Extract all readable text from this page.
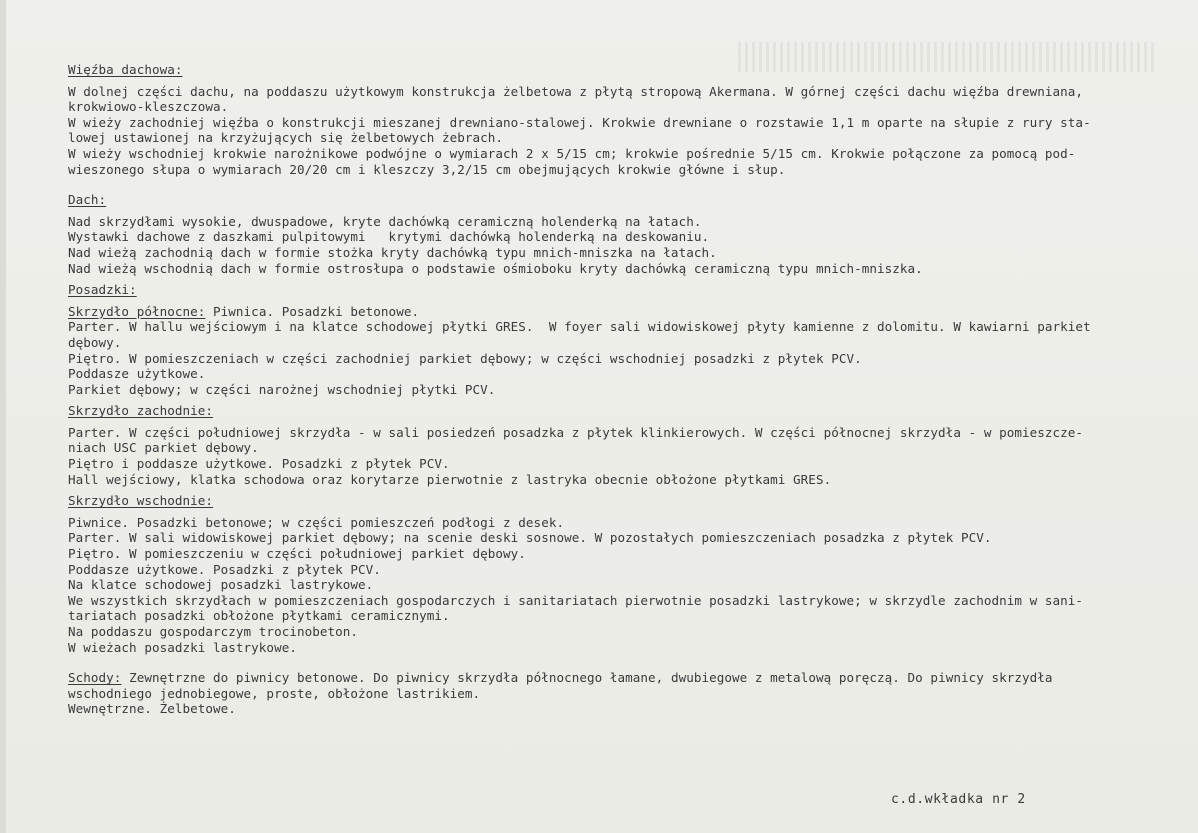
Więźba dachowa:
W dolnej części dachu, na poddaszu użytkowym konstrukcja żelbetowa z płytą stropową Akermana. W górnej części dachu więźba drewniana,
krokwiowo-kleszczowa.
W wieży zachodniej więźba o konstrukcji mieszanej drewniano-stalowej. Krokwie drewniane o rozstawie 1,1 m oparte na słupie z rury sta-
lowej ustawionej na krzyżujących się żelbetowych żebrach.
W wieży wschodniej krokwie narożnikowe podwójne o wymiarach 2 x 5/15 cm; krokwie pośrednie 5/15 cm. Krokwie połączone za pomocą pod-
wieszonego słupa o wymiarach 20/20 cm i kleszczy 3,2/15 cm obejmujących krokwie główne i słup.
Dach:
Nad skrzydłami wysokie, dwuspadowe, kryte dachówką ceramiczną holenderką na łatach.
Wystawki dachowe z daszkami pulpitowymi   krytymi dachówką holenderką na deskowaniu.
Nad wieżą zachodnią dach w formie stożka kryty dachówką typu mnich-mniszka na łatach.
Nad wieżą wschodnią dach w formie ostrosłupa o podstawie ośmioboku kryty dachówką ceramiczną typu mnich-mniszka.
Posadzki:
Skrzydło północne: Piwnica. Posadzki betonowe.
Parter. W hallu wejściowym i na klatce schodowej płytki GRES.  W foyer sali widowiskowej płyty kamienne z dolomitu. W kawiarni parkiet
dębowy.
Piętro. W pomieszczeniach w części zachodniej parkiet dębowy; w części wschodniej posadzki z płytek PCV.
Poddasze użytkowe.
Parkiet dębowy; w części narożnej wschodniej płytki PCV.
Skrzydło zachodnie:
Parter. W części południowej skrzydła - w sali posiedzeń posadzka z płytek klinkierowych. W części północnej skrzydła - w pomieszcze-
niach USC parkiet dębowy.
Piętro i poddasze użytkowe. Posadzki z płytek PCV.
Hall wejściowy, klatka schodowa oraz korytarze pierwotnie z lastryka obecnie obłożone płytkami GRES.
Skrzydło wschodnie:
Piwnice. Posadzki betonowe; w części pomieszczeń podłogi z desek.
Parter. W sali widowiskowej parkiet dębowy; na scenie deski sosnowe. W pozostałych pomieszczeniach posadzka z płytek PCV.
Piętro. W pomieszczeniu w części południowej parkiet dębowy.
Poddasze użytkowe. Posadzki z płytek PCV.
Na klatce schodowej posadzki lastrykowe.
We wszystkich skrzydłach w pomieszczeniach gospodarczych i sanitariatach pierwotnie posadzki lastrykowe; w skrzydle zachodnim w sani-
tariatach posadzki obłożone płytkami ceramicznymi.
Na poddaszu gospodarczym trocinobeton.
W wieżach posadzki lastrykowe.
Schody: Zewnętrzne do piwnicy betonowe. Do piwnicy skrzydła północnego łamane, dwubiegowe z metalową poręczą. Do piwnicy skrzydła
wschodniego jednobiegowe, proste, obłożone lastrikiem.
Wewnętrzne. Żelbetowe.
c.d.wkładka nr 2
